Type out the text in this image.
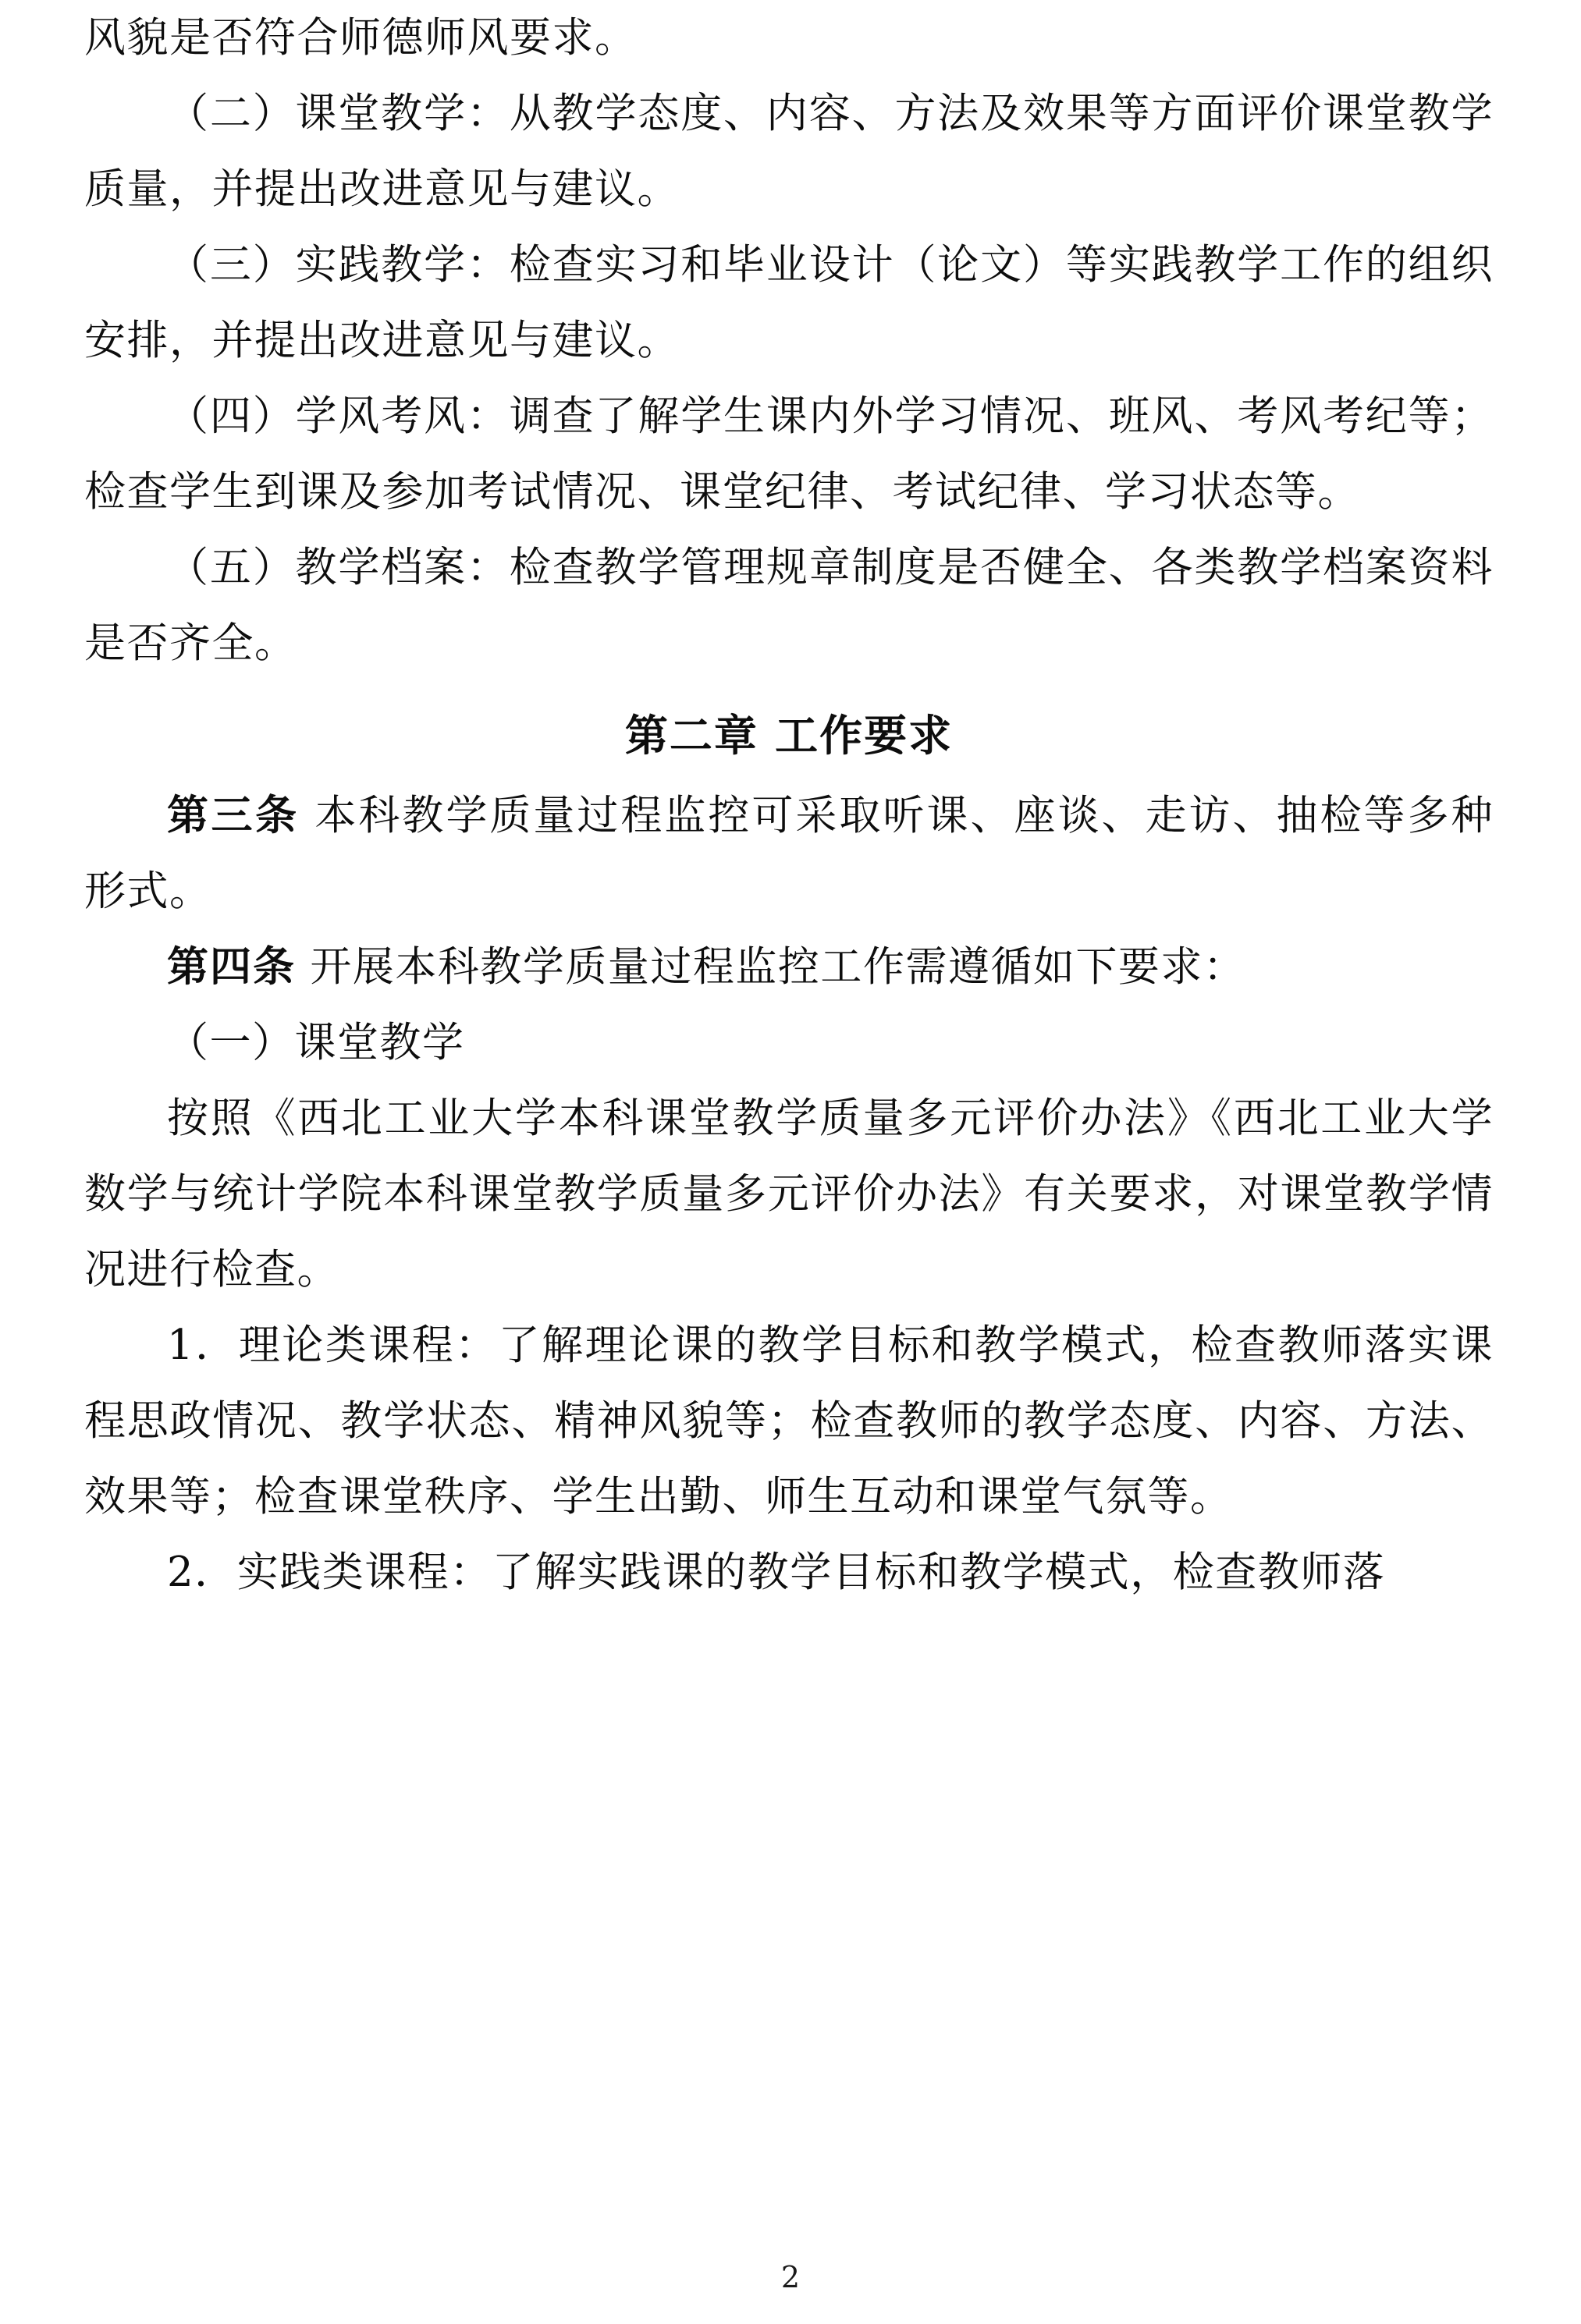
风貌是否符合师德师风要求。

（二）课堂教学：从教学态度、内容、方法及效果等方面评价课堂教学质量，并提出改进意见与建议。

（三）实践教学：检查实习和毕业设计（论文）等实践教学工作的组织安排，并提出改进意见与建议。

（四）学风考风：调查了解学生课内外学习情况、班风、考风考纪等；检查学生到课及参加考试情况、课堂纪律、考试纪律、学习状态等。

（五）教学档案：检查教学管理规章制度是否健全、各类教学档案资料是否齐全。

第二章 工作要求

第三条 本科教学质量过程监控可采取听课、座谈、走访、抽检等多种形式。

第四条 开展本科教学质量过程监控工作需遵循如下要求：

（一）课堂教学

按照《西北工业大学本科课堂教学质量多元评价办法》《西北工业大学数学与统计学院本科课堂教学质量多元评价办法》有关要求，对课堂教学情况进行检查。

1．理论类课程：了解理论课的教学目标和教学模式，检查教师落实课程思政情况、教学状态、精神风貌等；检查教师的教学态度、内容、方法、效果等；检查课堂秩序、学生出勤、师生互动和课堂气氛等。

2．实践类课程：了解实践课的教学目标和教学模式，检查教师落

2
